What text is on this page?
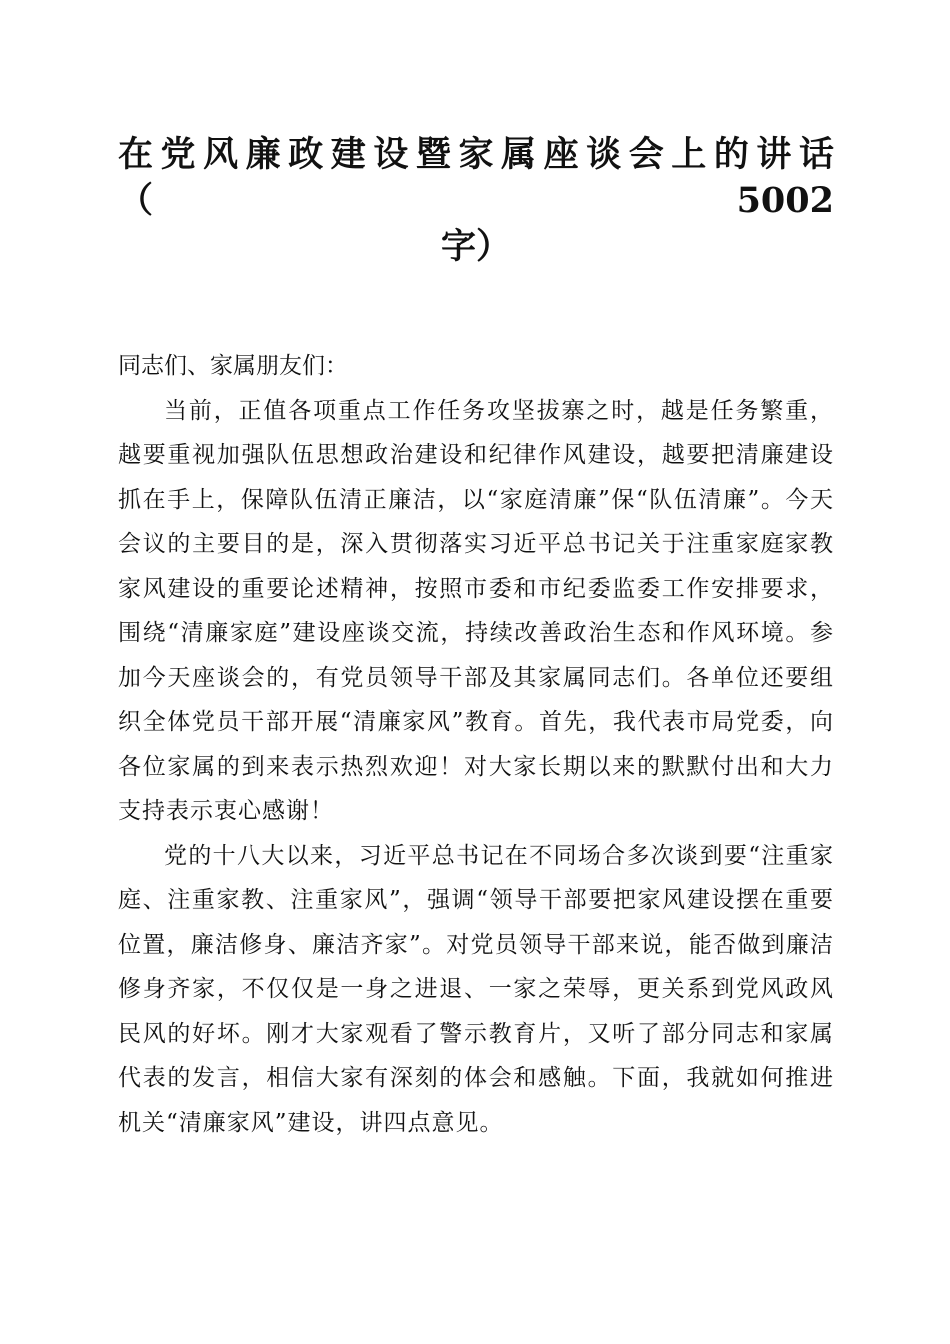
在党风廉政建设暨家属座谈会上的讲话（5002
字）

同志们、家属朋友们：

当前，正值各项重点工作任务攻坚拔寨之时，越是任务繁重，越要重视加强队伍思想政治建设和纪律作风建设，越要把清廉建设抓在手上，保障队伍清正廉洁，以“家庭清廉”保“队伍清廉”。今天会议的主要目的是，深入贯彻落实习近平总书记关于注重家庭家教家风建设的重要论述精神，按照市委和市纪委监委工作安排要求，围绕“清廉家庭”建设座谈交流，持续改善政治生态和作风环境。参加今天座谈会的，有党员领导干部及其家属同志们。各单位还要组织全体党员干部开展“清廉家风”教育。首先，我代表市局党委，向各位家属的到来表示热烈欢迎！对大家长期以来的默默付出和大力支持表示衷心感谢！

党的十八大以来，习近平总书记在不同场合多次谈到要“注重家庭、注重家教、注重家风”，强调“领导干部要把家风建设摆在重要位置，廉洁修身、廉洁齐家”。对党员领导干部来说，能否做到廉洁修身齐家，不仅仅是一身之进退、一家之荣辱，更关系到党风政风民风的好坏。刚才大家观看了警示教育片，又听了部分同志和家属代表的发言，相信大家有深刻的体会和感触。下面，我就如何推进机关“清廉家风”建设，讲四点意见。
